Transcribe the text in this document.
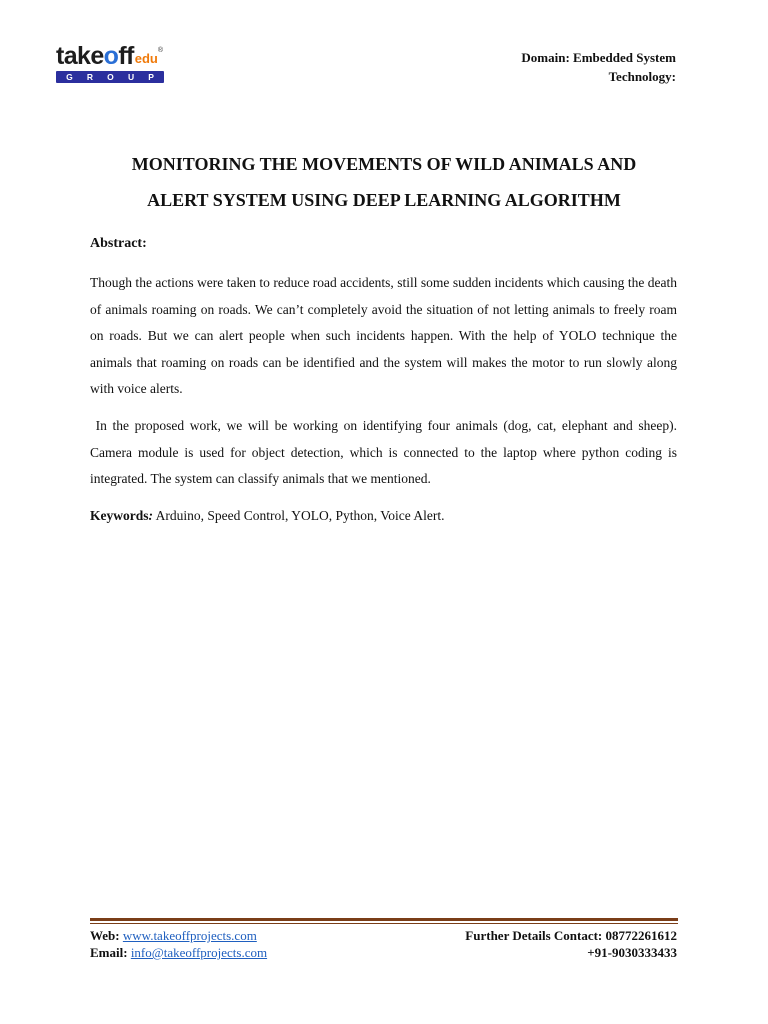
takeoffedu®
G R O U P
Domain: Embedded System
Technology:
MONITORING THE MOVEMENTS OF WILD ANIMALS AND
ALERT SYSTEM USING DEEP LEARNING ALGORITHM
Abstract:

Though the actions were taken to reduce road accidents, still some sudden incidents which causing the death of animals roaming on roads. We can’t completely avoid the situation of not letting animals to freely roam on roads. But we can alert people when such incidents happen. With the help of YOLO technique the animals that roaming on roads can be identified and the system will makes the motor to run slowly along with voice alerts.

In the proposed work, we will be working on identifying four animals (dog, cat, elephant and sheep). Camera module is used for object detection, which is connected to the laptop where python coding is integrated. The system can classify animals that we mentioned.

Keywords: Arduino, Speed Control, YOLO, Python, Voice Alert.
Web: www.takeoffprojects.com
Email: info@takeoffprojects.com
Further Details Contact: 08772261612
+91-9030333433
